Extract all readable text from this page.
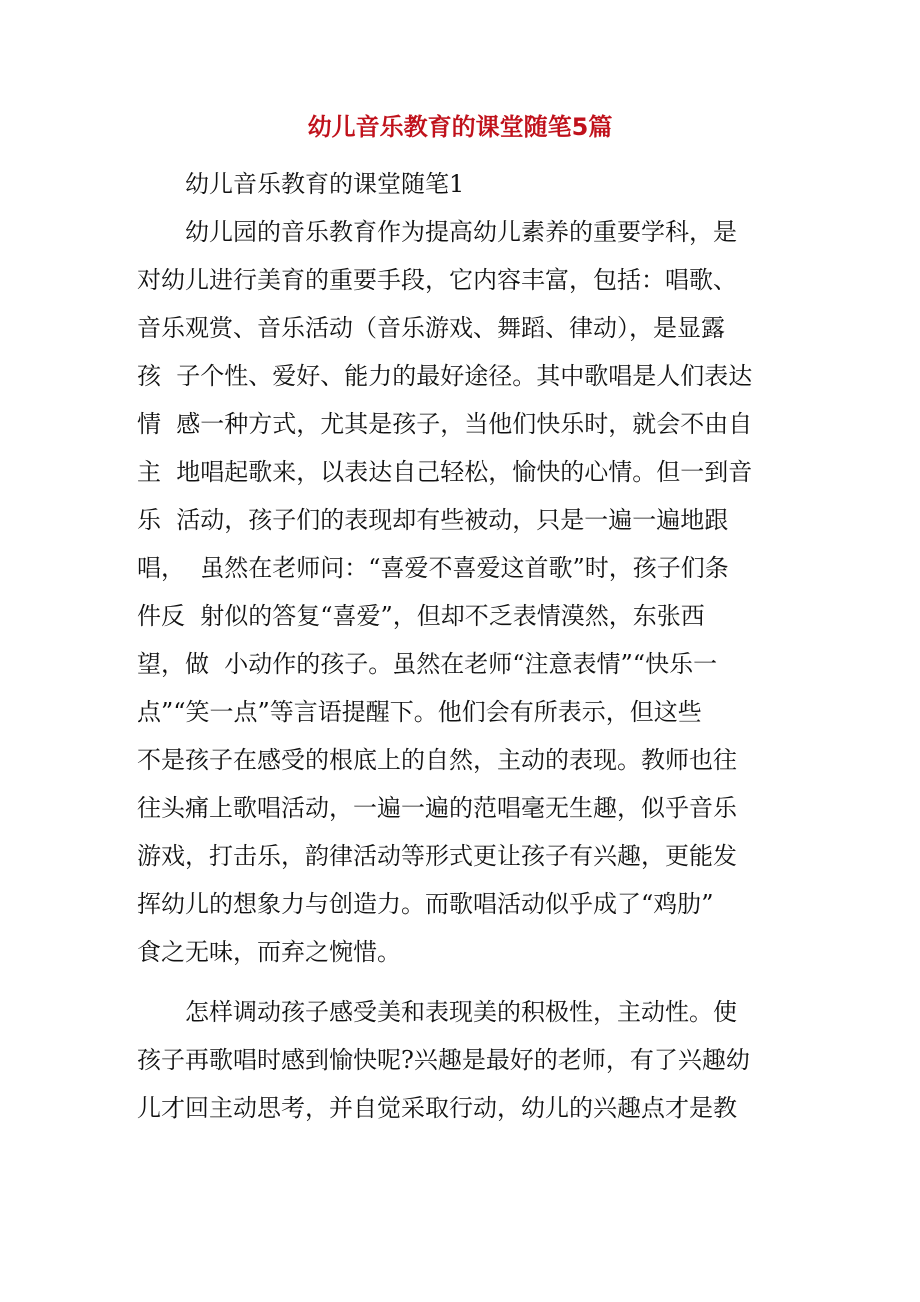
幼儿音乐教育的课堂随笔5篇

幼儿音乐教育的课堂随笔1

幼儿园的音乐教育作为提高幼儿素养的重要学科，是
对幼儿进行美育的重要手段，它内容丰富，包括：唱歌、
音乐观赏、音乐活动（音乐游戏、舞蹈、律动），是显露
孩  子个性、爱好、能力的最好途径。其中歌唱是人们表达
情  感一种方式，尤其是孩子，当他们快乐时，就会不由自
主  地唱起歌来，以表达自己轻松，愉快的心情。但一到音
乐  活动，孩子们的表现却有些被动，只是一遍一遍地跟
唱，  虽然在老师问：“喜爱不喜爱这首歌”时，孩子们条
件反  射似的答复“喜爱”，但却不乏表情漠然，东张西
望，做  小动作的孩子。虽然在老师“注意表情”“快乐一
点”“笑一点”等言语提醒下。他们会有所表示，但这些
不是孩子在感受的根底上的自然，主动的表现。教师也往
往头痛上歌唱活动，一遍一遍的范唱毫无生趣，似乎音乐
游戏，打击乐，韵律活动等形式更让孩子有兴趣，更能发
挥幼儿的想象力与创造力。而歌唱活动似乎成了“鸡肋”
食之无味，而弃之惋惜。

怎样调动孩子感受美和表现美的积极性，主动性。使
孩子再歌唱时感到愉快呢?兴趣是最好的老师，有了兴趣幼
儿才回主动思考，并自觉采取行动，幼儿的兴趣点才是教
